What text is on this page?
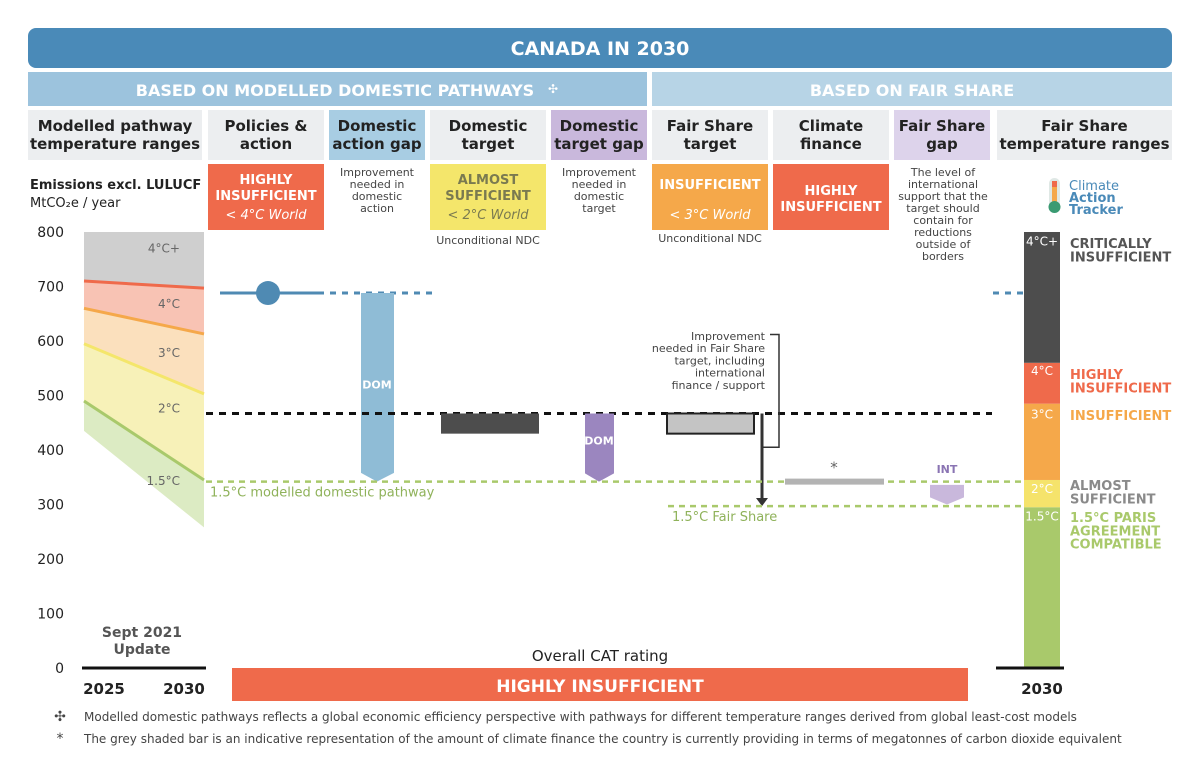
CANADA IN 2030
BASED ON MODELLED DOMESTIC PATHWAYS ✣	BASED ON FAIR SHARE
Modelled pathway
temperature ranges
Policies &
action
Domestic
action gap
Domestic
target
Domestic
target gap
Fair Share
target
Climate
finance
Fair Share
gap
Fair Share
temperature ranges
HIGHLY
INSUFFICIENT
< 4°C World
ALMOST
SUFFICIENT
< 2°C World
INSUFFICIENT
< 3°C World
HIGHLY
INSUFFICIENT
Improvement
needed in
domestic
action
Improvement
needed in
domestic
target
The level of
international
support that the
target should
contain for
reductions
outside of
borders
Unconditional NDC	Unconditional NDC
Emissions excl. LULUCF
MtCO₂e / year
Climate
Action
Tracker
0
100
200
300
400
500
600
700
800
4°C+
4°C
3°C
2°C
1.5°C
Sept 2021
Update
2025	2030
DOM
DOM
Improvement
needed in Fair Share
target, including
international
finance / support
1.5°C modelled domestic pathway
1.5°C Fair Share
*	INT
4°C+
4°C
3°C
2°C
1.5°C
2030
CRITICALLY
INSUFFICIENT
HIGHLY
INSUFFICIENT
INSUFFICIENT
ALMOST
SUFFICIENT
1.5°C PARIS
AGREEMENT
COMPATIBLE
Overall CAT rating
HIGHLY INSUFFICIENT
✣ Modelled domestic pathways reflects a global economic efficiency perspective with pathways for different temperature ranges derived from global least-cost models
* The grey shaded bar is an indicative representation of the amount of climate finance the country is currently providing in terms of megatonnes of carbon dioxide equivalent
